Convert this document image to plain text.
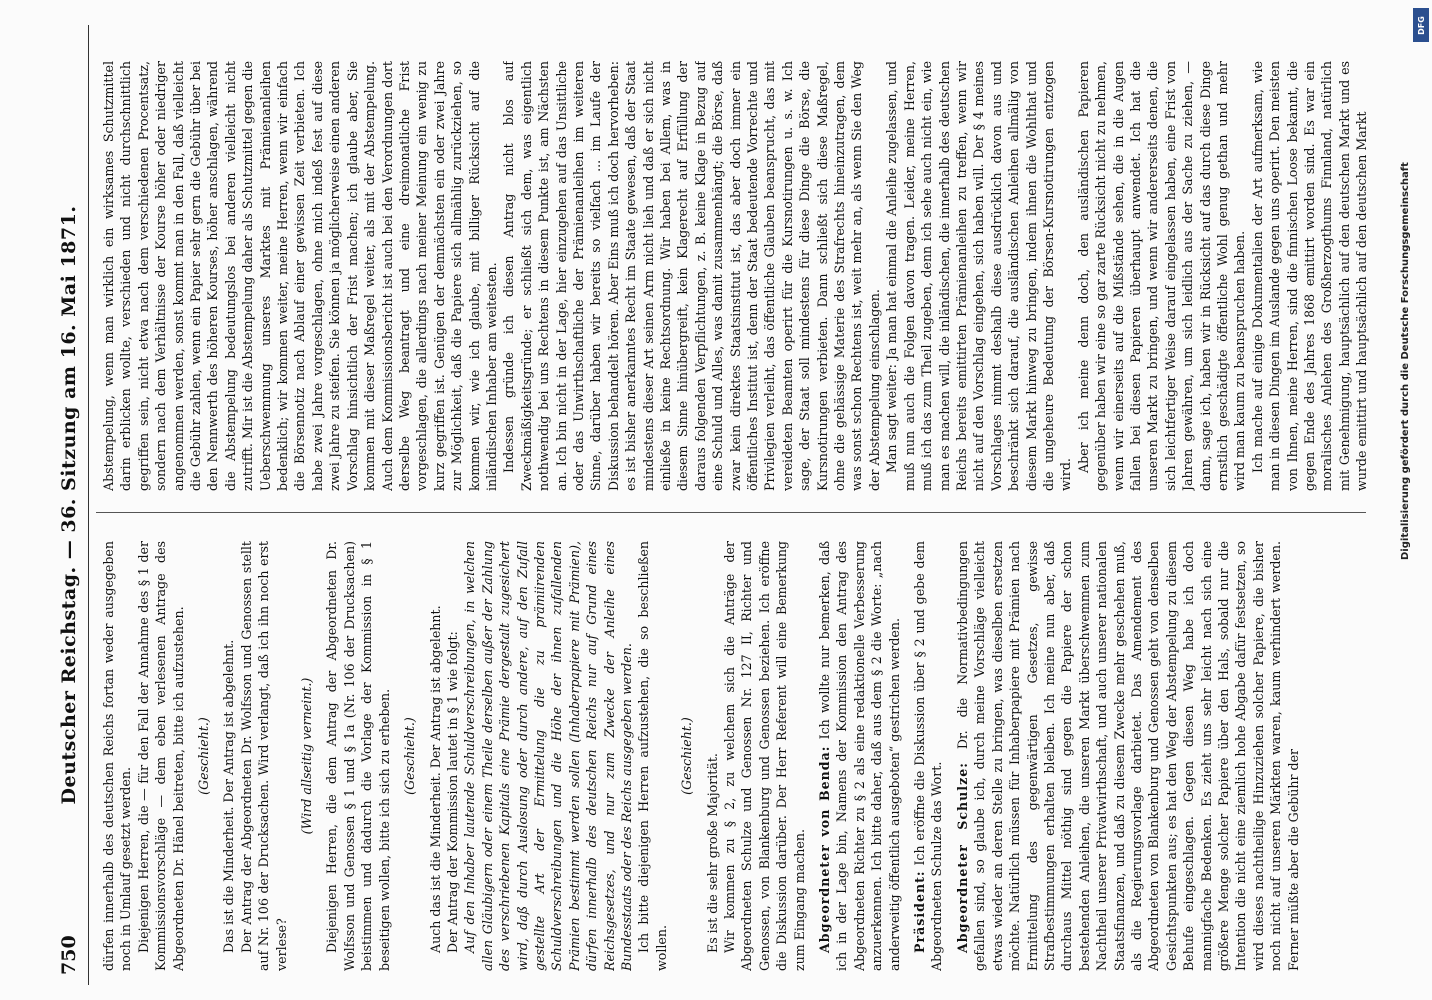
750
Deutscher Reichstag. — 36. Sitzung am 16. Mai 1871. dürfen innerhalb des deutschen Reichs fortan weder ausgegeben noch in Umlauf gesetzt werden. Diejenigen Herren, die — für den Fall der Annahme des § 1 der Kommissionsvorschläge — dem eben verlesenen Antrage des Abgeordneten Dr. Hänel beitreten, bitte ich aufzustehen. (Geschieht.) Das ist die Minderheit. Der Antrag ist abgelehnt. Der Antrag der Abgeordneten Dr. Wolfsson und Genossen stellt auf Nr. 106 der Drucksachen. Wird verlangt, daß ich ihn noch erst verlese?

(Wird allseitig verneint.) Diejenigen Herren, die dem Antrag der Abgeordneten Dr. Wolfsson und Genossen § 1 und § 1a (Nr. 106 der Drucksachen) beistimmen und dadurch die Vorlage der Kommission in § 1 beseitigen wollen, bitte ich sich zu erheben. (Geschieht.) Auch das ist die Minderheit. Der Antrag ist abgelehnt. Der Antrag der Kommission lautet in § 1 wie folgt: Auf den Inhaber lautende Schuldverschreibungen, in welchen allen Gläubigern oder einem Theile derselben außer der Zahlung des verschriebenen Kapitals eine Prämie dergestalt zugesichert wird, daß durch Auslosung oder durch andere, auf den Zufall gestellte Art der Ermittelung die zu prämiirenden Schuldverschreibungen und die Höhe der ihnen zufallenden Prämien bestimmt werden sollen (Inhaberpapiere mit Prämien), dürfen innerhalb des deutschen Reichs nur auf Grund eines Reichsgesetzes, und nur zum Zwecke der Anleihe eines Bundesstaats oder des Reichs ausgegeben werden. Ich bitte diejenigen Herren aufzustehen, die so beschließen wollen.

(Geschieht.) Es ist die sehr große Majorität. Wir kommen zu § 2, zu welchem sich die Anträge der Abgeordneten Schulze und Genossen Nr. 127 II, Richter und Genossen, von Blankenburg und Genossen beziehen. Ich eröffne die Diskussion darüber. Der Herr Referent will eine Bemerkung zum Eingang machen. Abgeordneter von Benda: Ich wollte nur bemerken, daß ich in der Lage bin, Namens der Kommission den Antrag des Abgeordneten Richter zu § 2 als eine redaktionelle Verbesserung anzuerkennen. Ich bitte daher, daß aus dem § 2 die Worte: „nach anderweitig öffentlich ausgeboten“ gestrichen werden. Präsident: Ich eröffne die Diskussion über § 2 und gebe dem Abgeordneten Schulze das Wort. Abgeordneter Schulze: Dr. die Normativbedingungen gefallen sind, so glaube ich, durch meine Vorschläge vielleicht etwas wieder an deren Stelle zu bringen, was dieselben ersetzen möchte. Natürlich müssen für Inhaberpapiere mit Prämien nach Ermittelung des gegenwärtigen Gesetzes, gewisse Strafbestimmungen erhalten bleiben. Ich meine nun aber, daß durchaus Mittel nöthig sind gegen die Papiere der schon bestehenden Anleihen, die unseren Markt überschwemmen zum Nachtheil unserer Privatwirthschaft, und auch unserer nationalen Staatsfinanzen, und daß zu diesem Zwecke mehr geschehen muß, als die Regierungsvorlage darbietet. Das Amendement des Abgeordneten von Blankenburg und Genossen geht von denselben Gesichtspunkten aus; es hat den Weg der Abstempelung zu diesem Behufe eingeschlagen. Gegen diesen Weg habe ich doch mannigfache Bedenken. Es zieht uns sehr leicht nach sich eine größere Menge solcher Papiere über den Hals, sobald nur die Intention die nicht eine ziemlich hohe Abgabe dafür festsetzen, so wird dieses nachtheilige Hinzuziehen solcher Papiere, die bisher noch nicht auf unseren Märkten waren, kaum verhindert werden. Ferner müßte aber die Gebühr der

Abstempelung, wenn man wirklich ein wirksames Schutzmittel darin erblicken wollte, verschieden und nicht durchschnittlich gegriffen sein, nicht etwa nach dem verschiedenen Procentsatz, sondern nach dem Verhältnisse der Kourse höher oder niedriger angenommen werden, sonst kommt man in den Fall, daß vielleicht die Gebühr zahlen, wenn ein Papier sehr gern die Gebühr über bei den Nennwerth des höheren Kourses, höher anschlagen, während die Abstempelung bedeutungslos bei anderen vielleicht nicht zutrifft. Mir ist die Abstempelung daher als Schutzmittel gegen die Ueberschwemmung unseres Marktes mit Prämienanleihen bedenklich; wir kommen weiter, meine Herren, wenn wir einfach die Börsennotiz nach Ablauf einer gewissen Zeit verbieten. Ich habe zwei Jahre vorgeschlagen, ohne mich indeß fest auf diese zwei Jahre zu steifen. Sie können ja möglicherweise einen anderen Vorschlag hinsichtlich der Frist machen; ich glaube aber, Sie kommen mit dieser Maßregel weiter, als mit der Abstempelung. Auch dem Kommissionsbericht ist auch bei den Verordnungen dort derselbe Weg beantragt und eine dreimonatliche Frist vorgeschlagen, die allerdings nach meiner Meinung ein wenig zu kurz gegriffen ist. Genügen der demnächsten ein oder zwei Jahre zur Möglichkeit, daß die Papiere sich allmählig zurückziehen, so kommen wir, wie ich glaube, mit billiger Rücksicht auf die inländischen Inhaber am weitesten. Indessen gründe ich diesen Antrag nicht blos auf Zweckmäßigkeitsgründe; er schließt sich dem, was eigentlich nothwendig bei uns Rechtens in diesem Punkte ist, am Nächsten an. Ich bin nicht in der Lage, hier einzugehen auf das Unsittliche oder das Unwirthschaftliche der Prämienanleihen im weiteren Sinne, darüber haben wir bereits so vielfach ... im Laufe der Diskussion behandelt hören. Aber Eins muß ich doch hervorheben: es ist bisher anerkanntes Recht im Staate gewesen, daß der Staat mindestens dieser Art seinen Arm nicht lieh und daß er sich nicht einließe in keine Rechtsordnung. Wir haben bei Allem, was in diesem Sinne hinübergreift, kein Klagerecht auf Erfüllung der daraus folgenden Verpflichtungen, z. B. keine Klage in Bezug auf eine Schuld und Alles, was damit zusammenhängt; die Börse, daß zwar kein direktes Staatsinstitut ist, das aber doch immer ein öffentliches Institut ist, denn der Staat bedeutende Vorrechte und Privilegien verleiht, das öffentliche Glauben beansprucht, das mit vereideten Beamten operirt für die Kursnotirungen u. s. w. Ich sage, der Staat soll mindestens für diese Dinge die Börse, die Kursnotirungen verbieten. Dann schließt sich diese Maßregel, ohne die gehässige Materie des Strafrechts hineinzutragen, dem was sonst schon Rechtens ist, weit mehr an, als wenn Sie den Weg der Abstempelung einschlagen. Man sagt weiter: Ja man hat einmal die Anleihe zugelassen, und muß nun auch die Folgen davon tragen. Leider, meine Herren, muß ich das zum Theil zugeben, denn ich sehe auch nicht ein, wie man es machen will, die inländischen, die innerhalb des deutschen Reichs bereits emittirten Prämienanleihen zu treffen, wenn wir nicht auf den Vorschlag eingehen, sich haben will. Der § 4 meines Vorschlages nimmt deshalb diese ausdrücklich davon aus und beschränkt sich darauf, die ausländischen Anleihen allmälig von diesem Markt hinweg zu bringen, indem ihnen die Wohlthat und die ungeheure Bedeutung der Börsen-Kursnotirungen entzogen wird.

Aber ich meine denn doch, den ausländischen Papieren gegenüber haben wir eine so gar zarte Rücksicht nicht zu nehmen, wenn wir einerseits auf die Mißstände sehen, die in die Augen fallen bei diesen Papieren überhaupt anwendet. Ich hat die unseren Markt zu bringen, und wenn wir andererseits denen, die sich leichtfertiger Weise darauf eingelassen haben, eine Frist von Jahren gewähren, um sich leidlich aus der Sache zu ziehen, — dann, sage ich, haben wir in Rücksicht auf das durch diese Dinge ernstlich geschädigte öffentliche Wohl genug gethan und mehr wird man kaum zu beanspruchen haben. Ich mache auf einige Dokumentalien der Art aufmerksam, wie man in diesen Dingen im Auslande gegen uns operirt. Den meisten von Ihnen, meine Herren, sind die finnischen Loose bekannt, die gegen Ende des Jahres 1868 emittirt worden sind. Es war ein moralisches Anlehen des Großherzogthums Finnland, natürlich mit Genehmigung, hauptsächlich auf den deutschen Markt und es wurde emittirt und hauptsächlich auf den deutschen Markt	Digitalisierung gefördert durch die Deutsche Forschungsgemeinschaft
DFG
